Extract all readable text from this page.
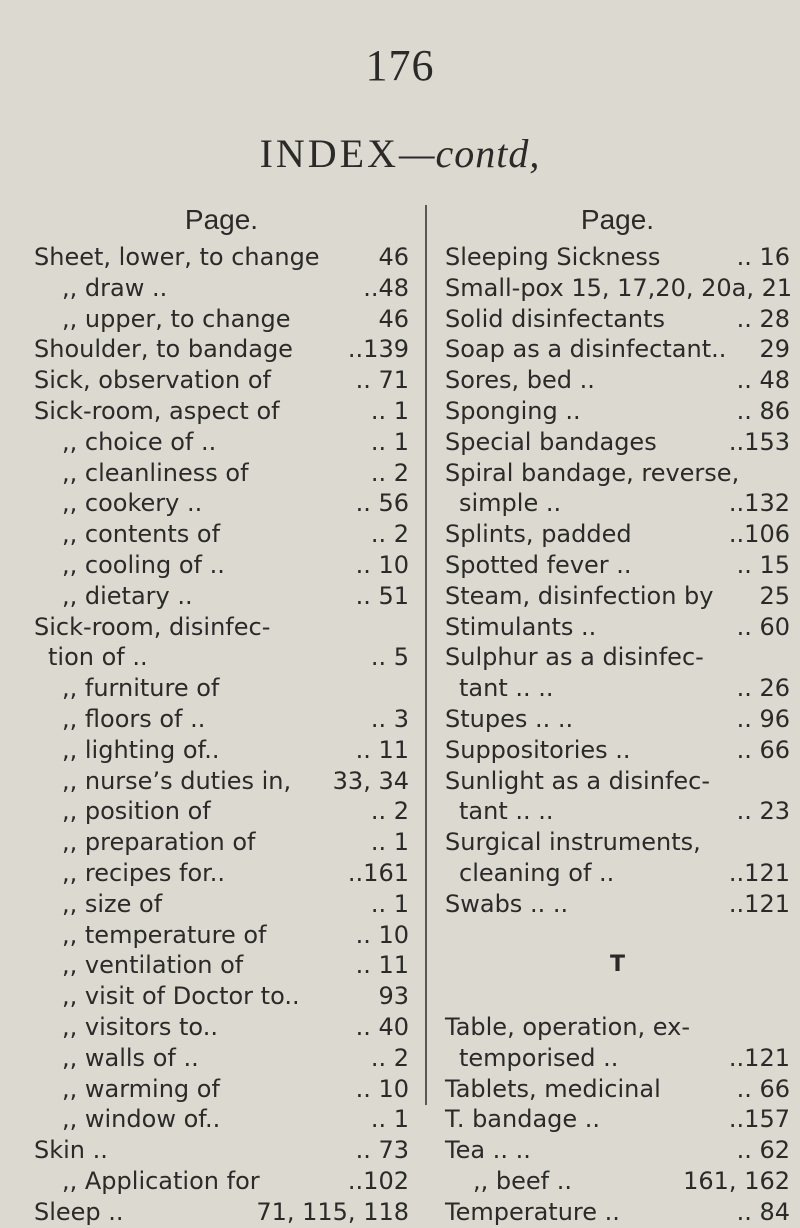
176
INDEX—contd,
Page.
Sheet, lower, to change 46
,, draw ..	..48
,, upper, to change	46
Shoulder, to bandage ..139
Sick, observation of	.. 71
Sick-room, aspect of	.. 1
,, choice of ..	.. 1
,, cleanliness of	.. 2
,, cookery ..	.. 56
,, contents of	.. 2
,, cooling of ..	.. 10
,, dietary ..	.. 51
Sick-room, disinfec-
tion of ..	.. 5
,, furniture of
,, floors of ..	.. 3
,, lighting of..	.. 11
,, nurse’s duties in, 33, 34
,, position of	.. 2
,, preparation of	.. 1
,, recipes for..	..161
,, size of	.. 1
,, temperature of	.. 10
,, ventilation of	.. 11
,, visit of Doctor to..	93
,, visitors to..	.. 40
,, walls of ..	.. 2
,, warming of	.. 10
,, window of..	.. 1
Skin ..	.. 73
,, Application for	..102
Sleep ..	71, 115, 118
Page.
Sleeping Sickness	.. 16
Small-pox 15, 17,20, 20a, 21
Solid disinfectants	.. 28
Soap as a disinfectant.. 29
Sores, bed ..	.. 48
Sponging ..	.. 86
Special bandages	..153
Spiral bandage, reverse,
simple ..	..132
Splints, padded	..106
Spotted fever ..	.. 15
Steam, disinfection by 25
Stimulants ..	.. 60
Sulphur as a disinfec-
tant .. ..	.. 26
Stupes .. ..	.. 96
Suppositories ..	.. 66
Sunlight as a disinfec-
tant .. ..	.. 23
Surgical instruments,
cleaning of ..	..121
Swabs .. ..	..121
T
Table, operation, ex-
temporised ..	..121
Tablets, medicinal	.. 66
T. bandage ..	..157
Tea .. ..	.. 62
,, beef ..	161, 162
Temperature ..	.. 84
